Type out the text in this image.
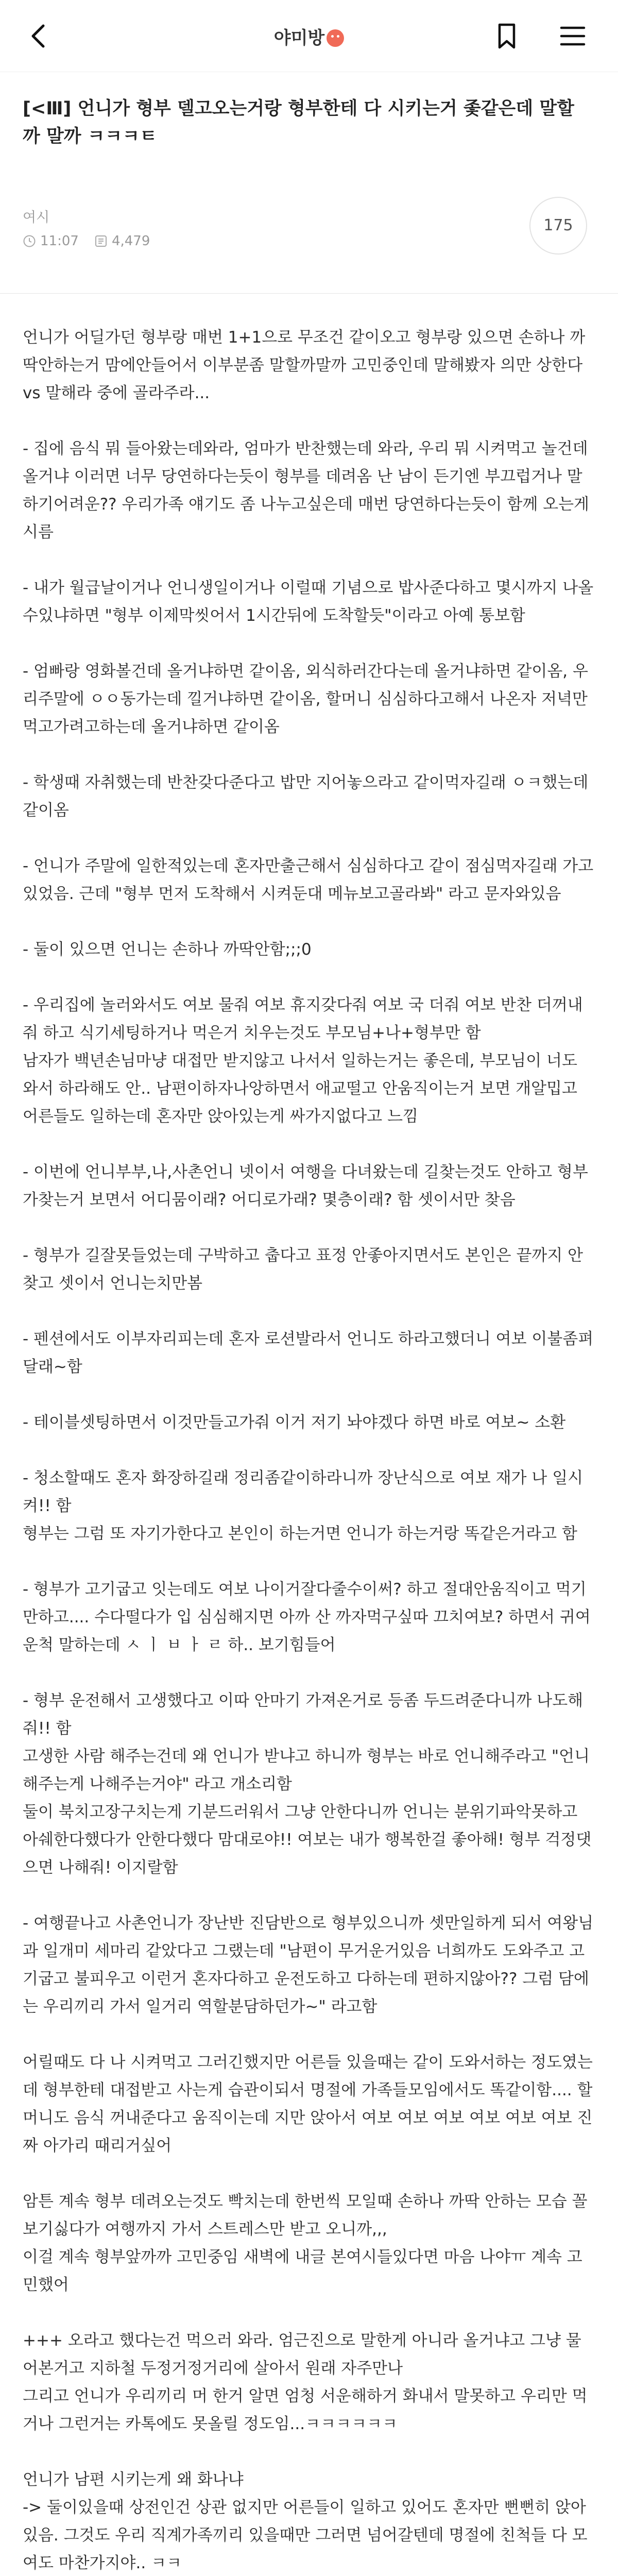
야미방
[<Ⅲ] 언니가 형부 델고오는거랑 형부한테 다 시키는거 좇같은데 말할까 말까 ㅋㅋㅋㅌ
여시
11:07 4,479
175

언니가 어딜가던 형부랑 매번 1+1으로 무조건 같이오고 형부랑 있으면 손하나 까딱안하는거 맘에안들어서 이부분좀 말할까말까 고민중인데 말해봤자 의만 상한다 vs 말해라 중에 골라주라...

- 집에 음식 뭐 들아왔는데와라, 엄마가 반찬했는데 와라, 우리 뭐 시켜먹고 놀건데 올거냐 이러면 너무 당연하다는듯이 형부를 데려옴 난 남이 든기엔 부끄럽거나 말하기어려운?? 우리가족 얘기도 좀 나누고싶은데 매번 당연하다는듯이 함께 오는게 시름

- 내가 월급날이거나 언니생일이거나 이럴때 기념으로 밥사준다하고 몇시까지 나올수있냐하면 "형부 이제막씻어서 1시간뒤에 도착할듯"이라고 아예 통보함

- 엄빠랑 영화볼건데 올거냐하면 같이옴, 외식하러간다는데 올거냐하면 같이옴, 우리주말에 ㅇㅇ동가는데 낄거냐하면 같이옴, 할머니 심심하다고해서 나온자 저녁만 먹고가려고하는데 올거냐하면 같이옴

- 학생때 자취했는데 반찬갖다준다고 밥만 지어놓으라고 같이먹자길래 ㅇㅋ했는데 같이옴

- 언니가 주말에 일한적있는데 혼자만출근해서 심심하다고 같이 점심먹자길래 가고있었음. 근데 "형부 먼저 도착해서 시켜둔대 메뉴보고골라봐" 라고 문자와있음

- 둘이 있으면 언니는 손하나 까딱안함;;;0

- 우리집에 놀러와서도 여보 물줘 여보 휴지갖다줘 여보 국 더줘 여보 반찬 더꺼내줘 하고 식기세팅하거나 먹은거 치우는것도 부모님+나+형부만 함
남자가 백년손님마냥 대접만 받지않고 나서서 일하는거는 좋은데, 부모님이 너도 와서 하라해도 안.. 남편이하자나앙하면서 애교떨고 안움직이는거 보면 개알밉고 어른들도 일하는데 혼자만 앉아있는게 싸가지없다고 느낌

- 이번에 언니부부,나,사촌언니 넷이서 여행을 다녀왔는데 길찾는것도 안하고 형부가찾는거 보면서 어디뭄이래? 어디로가래? 몇층이래? 함 셋이서만 찾음

- 형부가 길잘못들었는데 구박하고 춥다고 표정 안좋아지면서도 본인은 끝까지 안찾고 셋이서 언니는치만봄

- 펜션에서도 이부자리피는데 혼자 로션발라서 언니도 하라고했더니 여보 이불좀펴달래~함

- 테이블셋팅하면서 이것만들고가줘 이거 저기 놔야겠다 하면 바로 여보~ 소환

- 청소할때도 혼자 화장하길래 정리좀같이하라니까 장난식으로 여보 재가 나 일시켜!! 함
형부는 그럼 또 자기가한다고 본인이 하는거면 언니가 하는거랑 똑같은거라고 함

- 형부가 고기굽고 잇는데도 여보 나이거잘다줄수이써? 하고 절대안움직이고 먹기만하고.... 수다떨다가 입 심심해지면 아까 산 까자먹구싶따 끄치여보? 하면서 귀여운척 말하는데 ㅅ ㅣ ㅂ ㅏ ㄹ 하.. 보기힘들어

- 형부 운전해서 고생했다고 이따 안마기 가져온거로 등좀 두드려준다니까 나도해줘!! 함
고생한 사람 해주는건데 왜 언니가 받냐고 하니까 형부는 바로 언니해주라고 "언니해주는게 나해주는거야" 라고 개소리함
둘이 북치고장구치는게 기분드러워서 그냥 안한다니까 언니는 분위기파악못하고 아쉐한다했다가 안한다했다 맘대로야!! 여보는 내가 행복한걸 좋아해! 형부 걱정댓으면 나해줘! 이지랄함

- 여행끝나고 사촌언니가 장난반 진담반으로 형부있으니까 셋만일하게 되서 여왕님과 일개미 세마리 같았다고 그랬는데 "남편이 무거운거있음 너희까도 도와주고 고기굽고 불피우고 이런거 혼자다하고 운전도하고 다하는데 편하지않아?? 그럼 담에는 우리끼리 가서 일거리 역할분담하던가~" 라고함

어릴때도 다 나 시켜먹고 그러긴했지만 어른들 있을때는 같이 도와서하는 정도였는데 형부한테 대접받고 사는게 습관이되서 명절에 가족들모임에서도 똑같이함.... 할머니도 음식 꺼내준다고 움직이는데 지만 앉아서 여보 여보 여보 여보 여보 여보 진짜 아가리 때리거싶어

암튼 계속 형부 데려오는것도 빡치는데 한번씩 모일때 손하나 까딱 안하는 모습 꼴보기싫다가 여행까지 가서 스트레스만 받고 오니까,,,
이걸 계속 형부앞까까 고민중임 새벽에 내글 본여시들있다면 마음 나야ㅠ 계속 고민했어

+++ 오라고 했다는건 먹으러 와라. 엄근진으로 말한게 아니라 올거냐고 그냥 물어본거고 지하철 두정거정거리에 살아서 원래 자주만나
그리고 언니가 우리끼리 머 한거 알면 엄청 서운해하거 화내서 말못하고 우리만 먹거나 그런거는 카톡에도 못올릴 정도임...ㅋㅋㅋㅋㅋㅋ

언니가 남편 시키는게 왜 화나냐
-> 둘이있을때 상전인건 상관 없지만 어른들이 일하고 있어도 혼자만 뻔뻔히 앉아있음. 그것도 우리 직계가족끼리 있을때만 그러면 넘어갈텐데 명절에 친척들 다 모여도 마찬가지야.. ㅋㅋ
